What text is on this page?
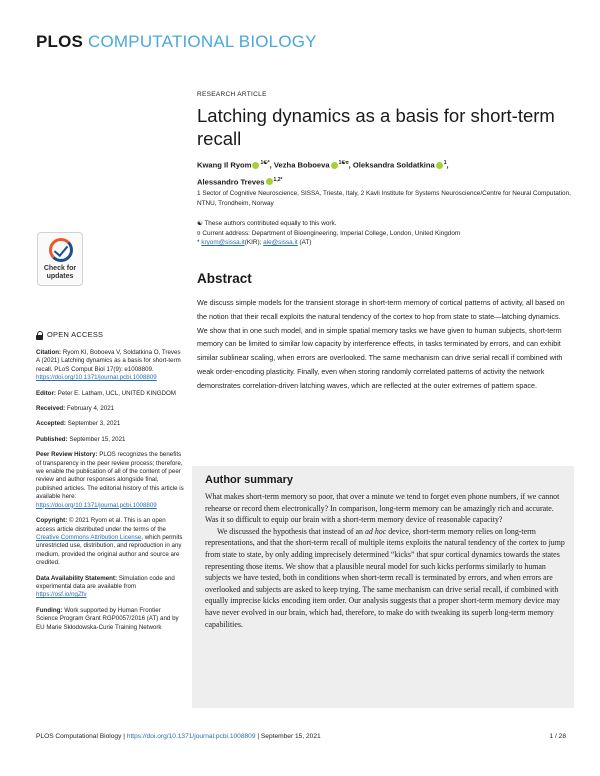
PLOS COMPUTATIONAL BIOLOGY
RESEARCH ARTICLE
Latching dynamics as a basis for short-term recall
Kwang Il Ryom $^{1☯*}$, Vezha Boboeva $^{1☯¤}$, Oleksandra Soldatkina $^1$,
Alessandro Treves $^{1,2*}$
1 Sector of Cognitive Neuroscience, SISSA, Trieste, Italy, 2 Kavli Institute for Systems Neuroscience/Centre for Neural Computation, NTNU, Trondheim, Norway
☯ These authors contributed equally to this work.
¤ Current address: Department of Bioengineering, Imperial College, London, United Kingdom
* kryom@sissa.it(KIR); ale@sissa.it (AT)
Check for
updates	Abstract

We discuss simple models for the transient storage in short-term memory of cortical patterns of activity, all based on the notion that their recall exploits the natural tendency of the cortex to hop from state to state—latching dynamics. We show that in one such model, and in simple spatial memory tasks we have given to human subjects, short-term memory can be limited to similar low capacity by interference effects, in tasks terminated by errors, and can exhibit similar sublinear scaling, when errors are overlooked. The same mechanism can drive serial recall if combined with weak order-encoding plasticity. Finally, even when storing randomly correlated patterns of activity the network demonstrates correlation-driven latching waves, which are reflected at the outer extremes of pattern space.

OPEN ACCESS
Citation: Ryom KI, Boboeva V, Soldatkina O, Treves A (2021) Latching dynamics as a basis for short-term recall. PLoS Comput Biol 17(9): e1008809. https://doi.org/10.1371/journal.pcbi.1008809
Editor: Peter E. Latham, UCL, UNITED KINGDOM
Received: February 4, 2021
Accepted: September 3, 2021
Published: September 15, 2021
Peer Review History: PLOS recognizes the benefits of transparency in the peer review process; therefore, we enable the publication of all of the content of peer review and author responses alongside final, published articles. The editorial history of this article is available here: https://doi.org/10.1371/journal.pcbi.1008809
Copyright: © 2021 Ryom et al. This is an open access article distributed under the terms of the Creative Commons Attribution License, which permits unrestricted use, distribution, and reproduction in any medium, provided the original author and source are credited.
Data Availability Statement: Simulation code and experimental data are available from https://osf.io/ngZfv
Funding: Work supported by Human Frontier Science Program Grant RGP0057/2016 (AT) and by EU Marie Skłodowska-Curie Training Network
Author summary

What makes short-term memory so poor, that over a minute we tend to forget even phone numbers, if we cannot rehearse or record them electronically? In comparison, long-term memory can be amazingly rich and accurate. Was it so difficult to equip our brain with a short-term memory device of reasonable capacity?

We discussed the hypothesis that instead of an ad hoc device, short-term memory relies on long-term representations, and that the short-term recall of multiple items exploits the natural tendency of the cortex to jump from state to state, by only adding imprecisely determined “kicks” that spur cortical dynamics towards the states representing those items. We show that a plausible neural model for such kicks performs similarly to human subjects we have tested, both in conditions when short-term recall is terminated by errors, and when errors are overlooked and subjects are asked to keep trying. The same mechanism can drive serial recall, if combined with equally imprecise kicks encoding item order. Our analysis suggests that a proper short-term memory device may have never evolved in our brain, which had, therefore, to make do with tweaking its superb long-term memory capabilities.

PLOS Computational Biology | https://doi.org/10.1371/journal.pcbi.1008809 | September 15, 2021	1 / 28
